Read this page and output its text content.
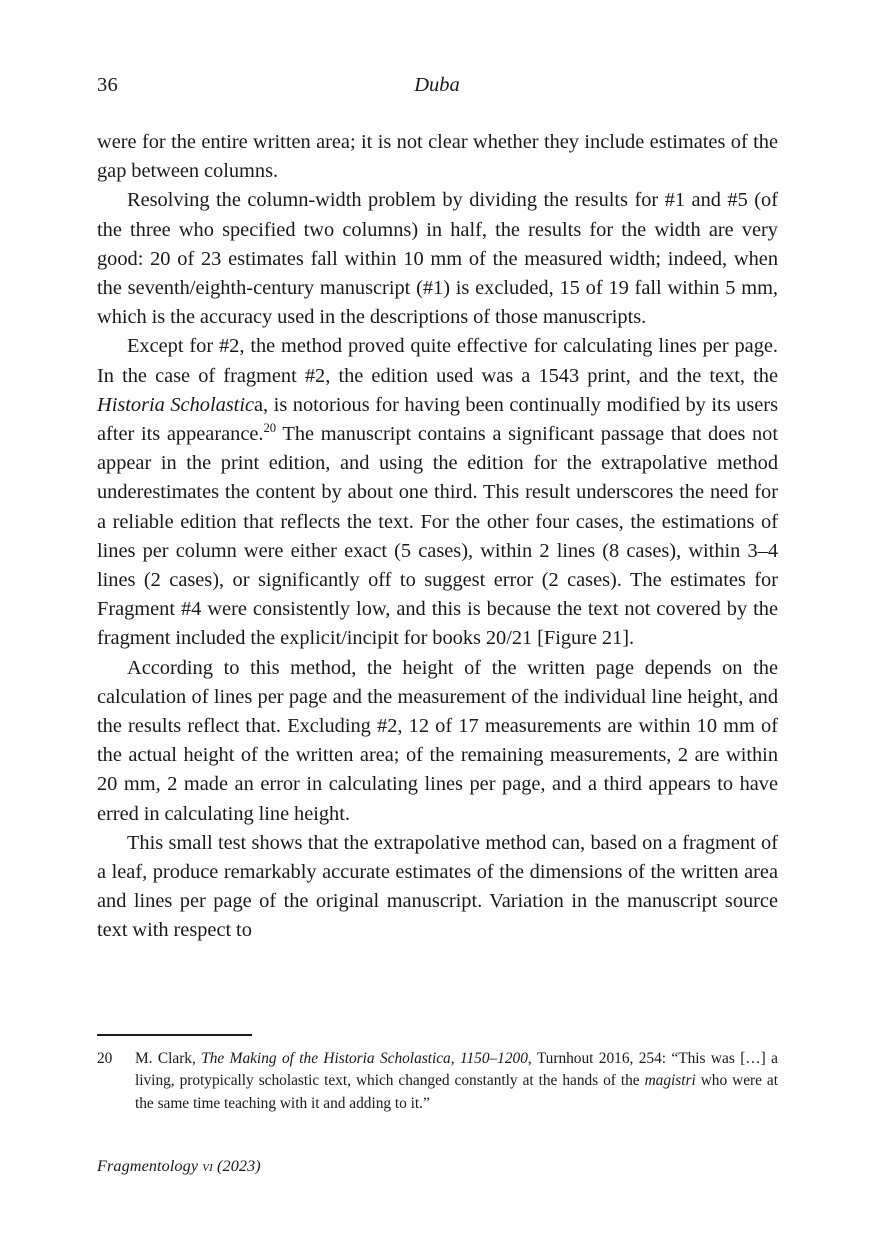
36	Duba

were for the entire written area; it is not clear whether they include estimates of the gap between columns.

Resolving the column-width problem by dividing the results for #1 and #5 (of the three who specified two columns) in half, the results for the width are very good: 20 of 23 estimates fall within 10 mm of the measured width; indeed, when the seventh/eighth-century manuscript (#1) is excluded, 15 of 19 fall within 5 mm, which is the accuracy used in the descriptions of those manuscripts.

Except for #2, the method proved quite effective for calculating lines per page. In the case of fragment #2, the edition used was a 1543 print, and the text, the Historia Scholastica, is notorious for having been continually modified by its users after its appearance.$^{20}$ The manuscript contains a significant passage that does not appear in the print edition, and using the edition for the extrapolative method underestimates the content by about one third. This result underscores the need for a reliable edition that reflects the text. For the other four cases, the estimations of lines per column were either exact (5 cases), within 2 lines (8 cases), within 3–4 lines (2 cases), or significantly off to suggest error (2 cases). The estimates for Fragment #4 were consistently low, and this is because the text not covered by the fragment included the explicit/incipit for books 20/21 [Figure 21].

According to this method, the height of the written page depends on the calculation of lines per page and the measurement of the individual line height, and the results reflect that. Excluding #2, 12 of 17 measurements are within 10 mm of the actual height of the written area; of the remaining measurements, 2 are within 20 mm, 2 made an error in calculating lines per page, and a third appears to have erred in calculating line height.

This small test shows that the extrapolative method can, based on a fragment of a leaf, produce remarkably accurate estimates of the dimensions of the written area and lines per page of the original manuscript. Variation in the manuscript source text with respect to

20	M. Clark, The Making of the Historia Scholastica, 1150–1200, Turnhout 2016, 254: “This was […] a living, protypically scholastic text, which changed constantly at the hands of the magistri who were at the same time teaching with it and adding to it.”
Fragmentology vi (2023)
